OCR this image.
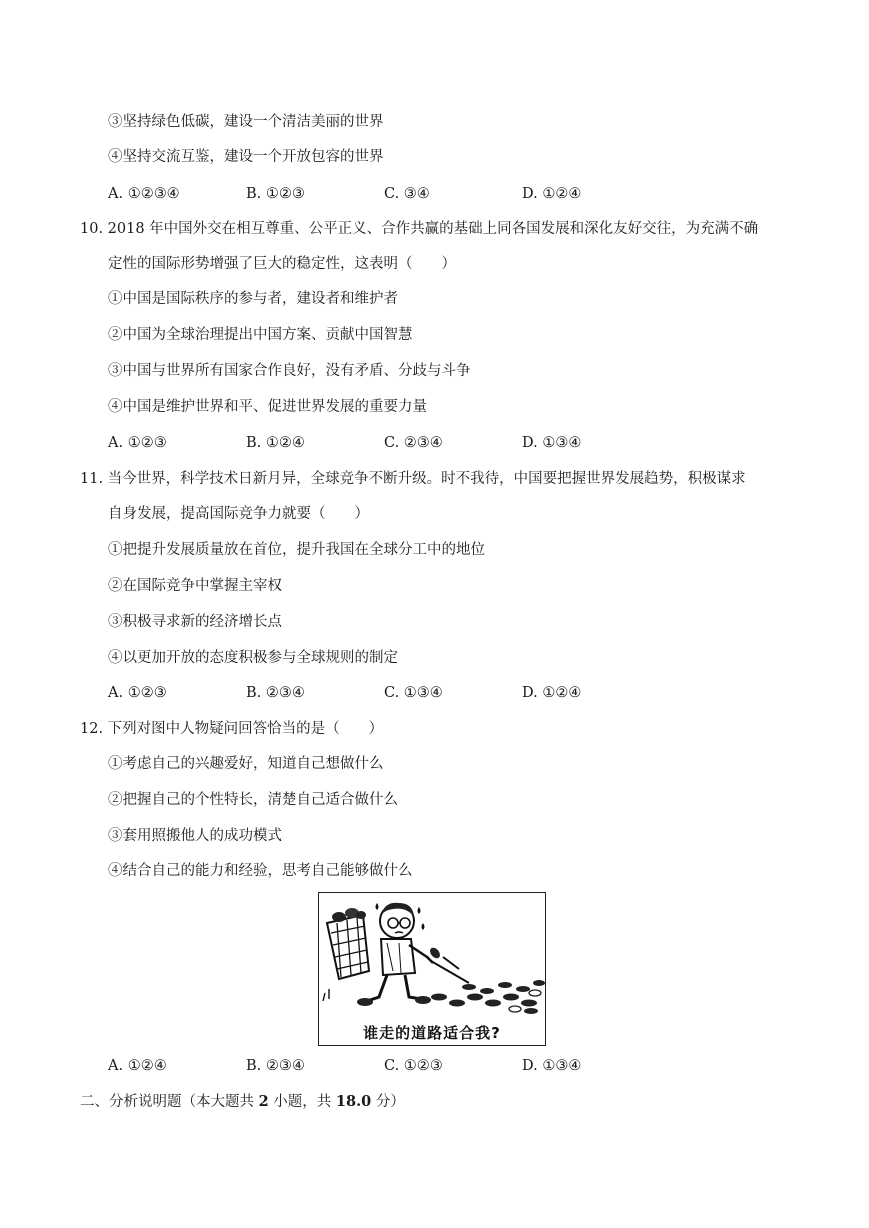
③坚持绿色低碳，建设一个清洁美丽的世界
④坚持交流互鉴，建设一个开放包容的世界
A. ①②③④	B. ①②③	C. ③④	D. ①②④
10. 2018 年中国外交在相互尊重、公平正义、合作共赢的基础上同各国发展和深化友好交往，为充满不确
定性的国际形势增强了巨大的稳定性，这表明（　　）
①中国是国际秩序的参与者，建设者和维护者
②中国为全球治理提出中国方案、贡献中国智慧
③中国与世界所有国家合作良好，没有矛盾、分歧与斗争
④中国是维护世界和平、促进世界发展的重要力量
A. ①②③	B. ①②④	C. ②③④	D. ①③④
11. 当今世界，科学技术日新月异，全球竞争不断升级。时不我待，中国要把握世界发展趋势，积极谋求
自身发展，提高国际竞争力就要（　　）
①把提升发展质量放在首位，提升我国在全球分工中的地位
②在国际竞争中掌握主宰权
③积极寻求新的经济增长点
④以更加开放的态度积极参与全球规则的制定
A. ①②③	B. ②③④	C. ①③④	D. ①②④
12. 下列对图中人物疑问回答恰当的是（　　）
①考虑自己的兴趣爱好，知道自己想做什么
②把握自己的个性特长，清楚自己适合做什么
③套用照搬他人的成功模式
④结合自己的能力和经验，思考自己能够做什么
谁走的道路适合我?
A. ①②④	B. ②③④	C. ①②③	D. ①③④
二、分析说明题（本大题共 2 小题，共 18.0 分）
